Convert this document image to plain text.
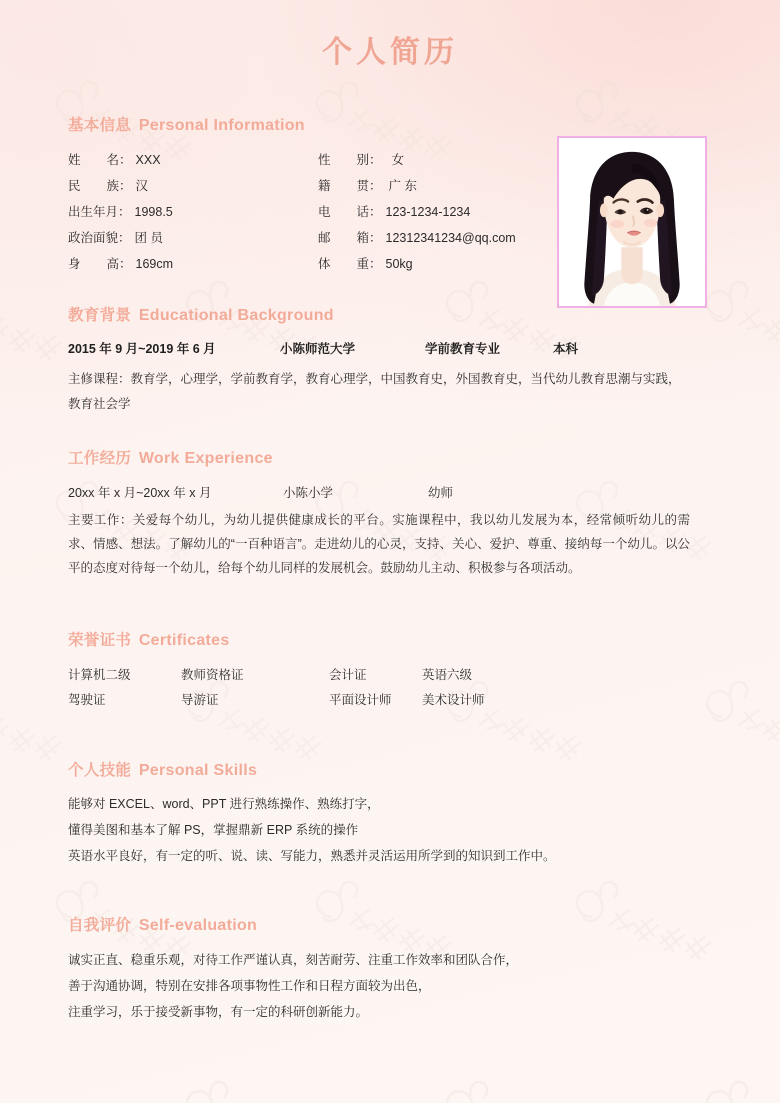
个人简历
基本信息 Personal Information
姓 名： XXX	性 别： 女
民 族： 汉	籍 贯： 广 东
出生年月： 1998.5	电 话： 123-1234-1234
政治面貌： 团 员	邮 箱： 12312341234@qq.com
身 高： 169cm	体 重： 50kg
教育背景 Educational Background
2015 年 9 月~2019 年 6 月	小陈师范大学	学前教育专业	本科
主修课程：教育学，心理学，学前教育学，教育心理学，中国教育史，外国教育史，当代幼儿教育思潮与实践，教育社会学
工作经历 Work Experience
20xx 年 x 月~20xx 年 x 月	小陈小学	幼师
主要工作：关爱每个幼儿，为幼儿提供健康成长的平台。实施课程中，我以幼儿发展为本，经常倾听幼儿的需求、情感、想法。了解幼儿的“一百种语言”。走进幼儿的心灵，支持、关心、爱护、尊重、接纳每一个幼儿。以公平的态度对待每一个幼儿，给每个幼儿同样的发展机会。鼓励幼儿主动、积极参与各项活动。
荣誉证书 Certificates
计算机二级	教师资格证	会计证	英语六级
驾驶证	导游证	平面设计师	美术设计师
个人技能 Personal Skills
能够对 EXCEL、word、PPT 进行熟练操作、熟练打字，
懂得美图和基本了解 PS，掌握鼎新 ERP 系统的操作
英语水平良好，有一定的听、说、读、写能力，熟悉并灵活运用所学到的知识到工作中。
自我评价 Self-evaluation
诚实正直、稳重乐观，对待工作严谨认真，刻苦耐劳、注重工作效率和团队合作，
善于沟通协调，特别在安排各项事物性工作和日程方面较为出色，
注重学习，乐于接受新事物，有一定的科研创新能力。
